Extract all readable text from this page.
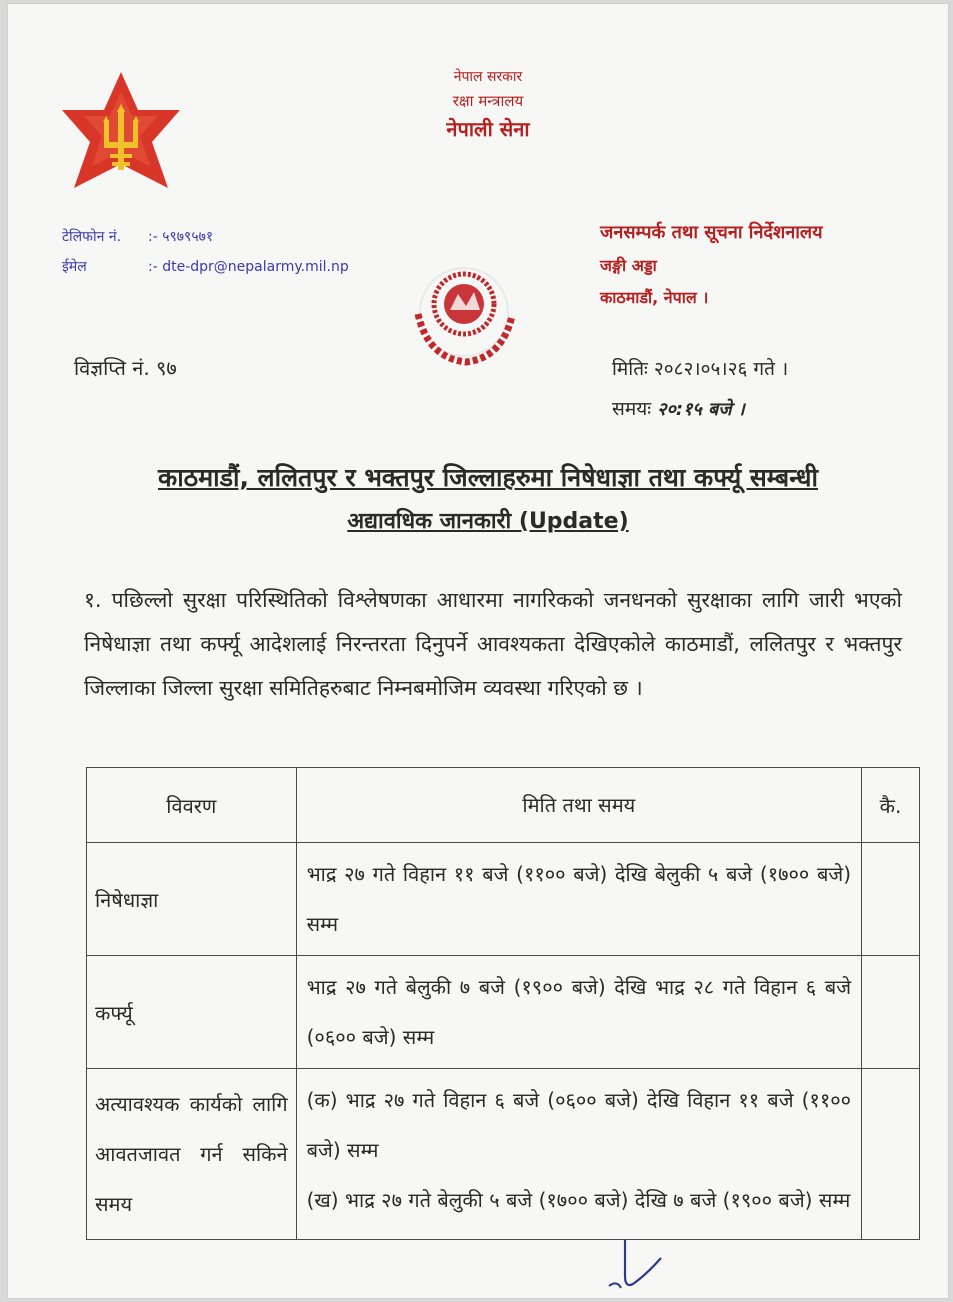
नेपाल सरकार
रक्षा मन्त्रालय
नेपाली सेना
टेलिफोन नं. :- ५९७९५७१
ईमेल	:- dte-dpr@nepalarmy.mil.np
जनसम्पर्क तथा सूचना निर्देशनालय
जङ्गी अड्डा
काठमाडौं, नेपाल ।
विज्ञप्ति नं. ९७	मितिः २०८२।०५।२६ गते ।
समयः २०:१५ बजे ।
काठमाडौं, ललितपुर र भक्तपुर जिल्लाहरुमा निषेधाज्ञा तथा कर्फ्यू सम्बन्धी
अद्यावधिक जानकारी (Update)
१. पछिल्लो सुरक्षा परिस्थितिको विश्लेषणका आधारमा नागरिकको जनधनको सुरक्षाका लागि जारी भएको निषेधाज्ञा तथा कर्फ्यू आदेशलाई निरन्तरता दिनुपर्ने आवश्यकता देखिएकोले काठमाडौं, ललितपुर र भक्तपुर जिल्लाका जिल्ला सुरक्षा समितिहरुबाट निम्नबमोजिम व्यवस्था गरिएको छ ।
विवरण	मिति तथा समय	कै.
निषेधाज्ञा	भाद्र २७ गते विहान ११ बजे (११०० बजे) देखि बेलुकी ५ बजे (१७०० बजे) सम्म	
कर्फ्यू	भाद्र २७ गते बेलुकी ७ बजे (१९०० बजे) देखि भाद्र २८ गते विहान ६ बजे (०६०० बजे) सम्म	
अत्यावश्यक कार्यको लागि आवतजावत गर्न सकिने समय	(क) भाद्र २७ गते विहान ६ बजे (०६०० बजे) देखि विहान ११ बजे (११०० बजे) सम्म
(ख) भाद्र २७ गते बेलुकी ५ बजे (१७०० बजे) देखि ७ बजे (१९०० बजे) सम्म	
